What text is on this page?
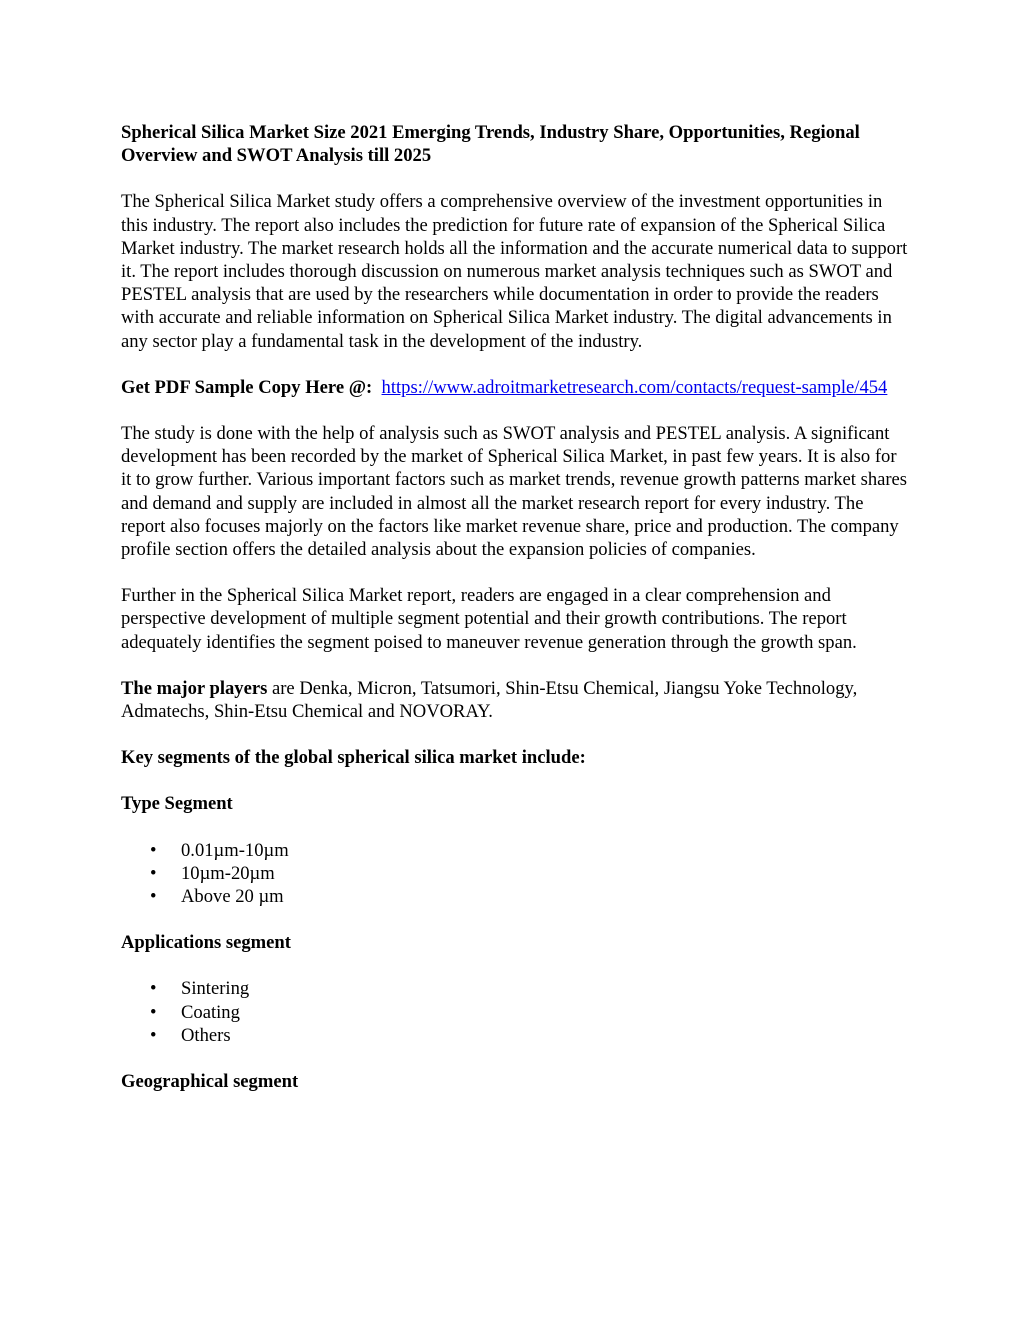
Spherical Silica Market Size 2021 Emerging Trends, Industry Share, Opportunities, Regional Overview and SWOT Analysis till 2025

The Spherical Silica Market study offers a comprehensive overview of the investment opportunities in this industry. The report also includes the prediction for future rate of expansion of the Spherical Silica Market industry. The market research holds all the information and the accurate numerical data to support it. The report includes thorough discussion on numerous market analysis techniques such as SWOT and PESTEL analysis that are used by the researchers while documentation in order to provide the readers with accurate and reliable information on Spherical Silica Market industry. The digital advancements in any sector play a fundamental task in the development of the industry.

Get PDF Sample Copy Here @: https://www.adroitmarketresearch.com/contacts/request-sample/454

The study is done with the help of analysis such as SWOT analysis and PESTEL analysis. A significant development has been recorded by the market of Spherical Silica Market, in past few years. It is also for it to grow further. Various important factors such as market trends, revenue growth patterns market shares and demand and supply are included in almost all the market research report for every industry. The report also focuses majorly on the factors like market revenue share, price and production. The company profile section offers the detailed analysis about the expansion policies of companies.

Further in the Spherical Silica Market report, readers are engaged in a clear comprehension and perspective development of multiple segment potential and their growth contributions. The report adequately identifies the segment poised to maneuver revenue generation through the growth span.

The major players are Denka, Micron, Tatsumori, Shin-Etsu Chemical, Jiangsu Yoke Technology, Admatechs, Shin-Etsu Chemical and NOVORAY.

Key segments of the global spherical silica market include:
Type Segment
• 0.01µm-10µm
• 10µm-20µm
• Above 20 µm
Applications segment
• Sintering
• Coating
• Others
Geographical segment
